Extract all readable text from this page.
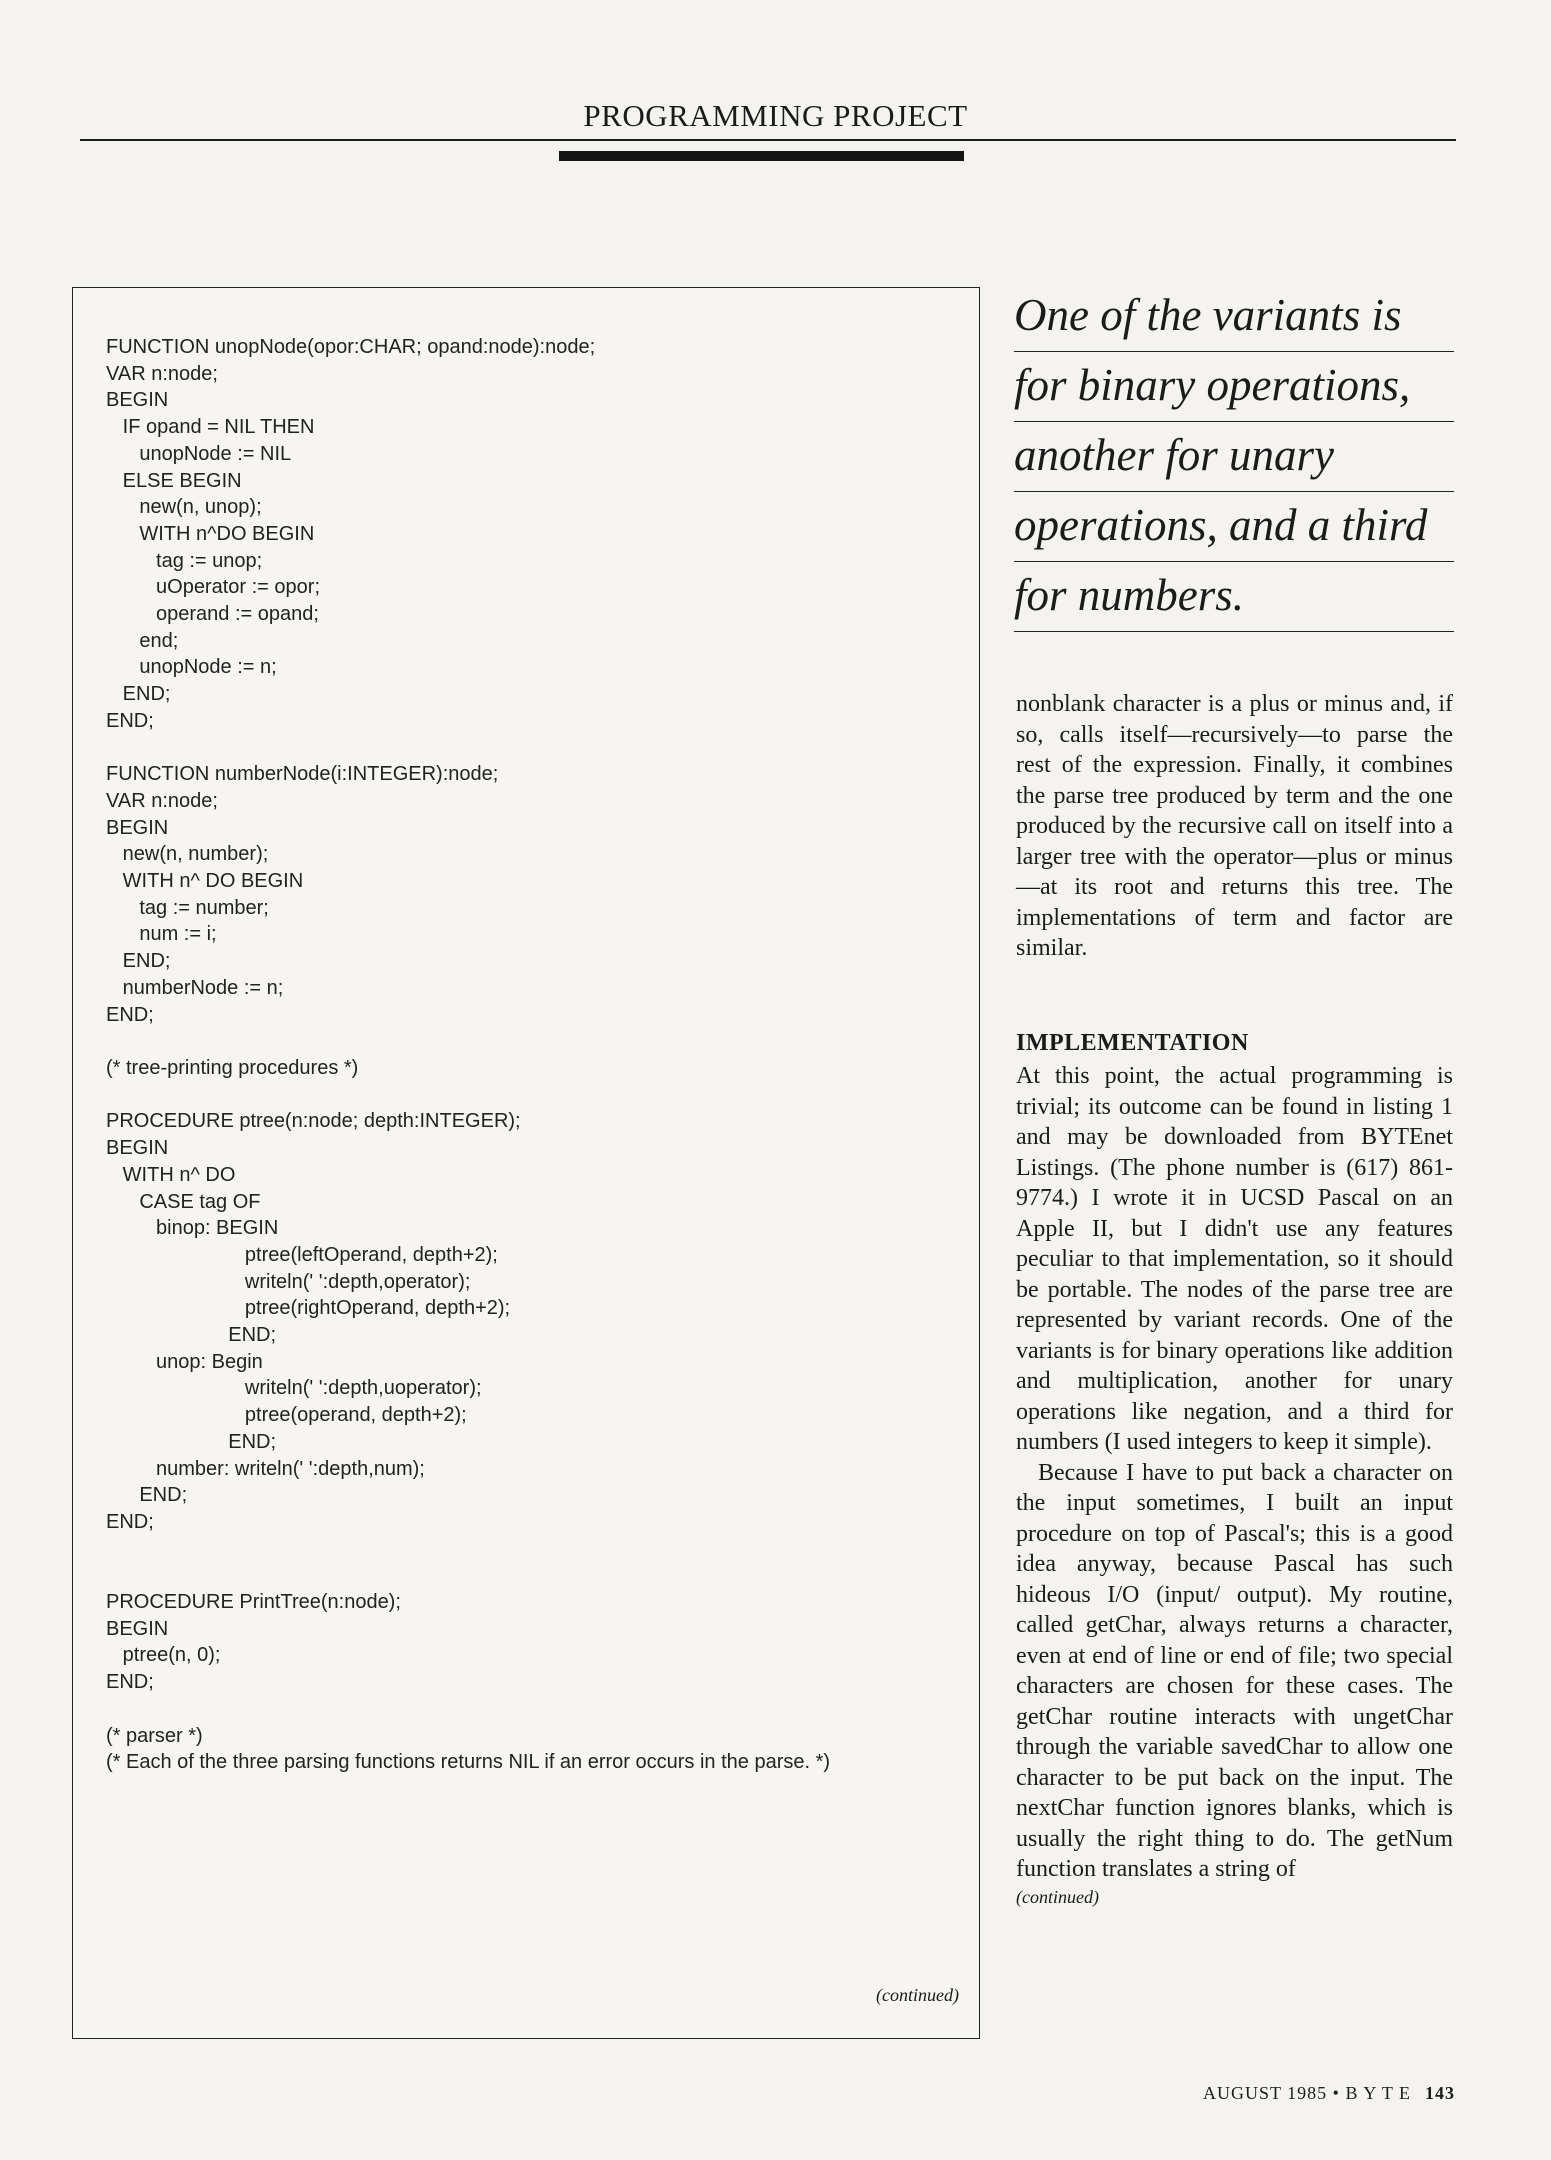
PROGRAMMING PROJECT
FUNCTION unopNode(opor:CHAR; opand:node):node;
VAR n:node;
BEGIN
IF opand = NIL THEN
unopNode := NIL
ELSE BEGIN
new(n, unop);
WITH n^DO BEGIN
tag := unop;
uOperator := opor;
operand := opand;
end;
unopNode := n;
END;
END;

FUNCTION numberNode(i:INTEGER):node;
VAR n:node;
BEGIN
new(n, number);
WITH n^ DO BEGIN
tag := number;
num := i;
END;
numberNode := n;
END;

(* tree-printing procedures *)

PROCEDURE ptree(n:node; depth:INTEGER);
BEGIN
WITH n^ DO
CASE tag OF
binop: BEGIN
ptree(leftOperand, depth+2);
writeln(' ':depth,operator);
ptree(rightOperand, depth+2);
END;
unop: Begin
writeln(' ':depth,uoperator);
ptree(operand, depth+2);
END;
number: writeln(' ':depth,num);
END;
END;

PROCEDURE PrintTree(n:node);
BEGIN
ptree(n, 0);
END;

(* parser *)
(* Each of the three parsing functions returns NIL if an error occurs in the parse. *)
(continued)
One of the variants is
for binary operations,
another for unary
operations, and a third
for numbers.

nonblank character is a plus or minus and, if so, calls itself—recursively—to parse the rest of the expression. Finally, it combines the parse tree produced by term and the one produced by the recursive call on itself into a larger tree with the operator—plus or minus—at its root and returns this tree. The implementations of term and factor are similar.

IMPLEMENTATION

At this point, the actual programming is trivial; its outcome can be found in listing 1 and may be downloaded from BYTEnet Listings. (The phone number is (617) 861-9774.) I wrote it in UCSD Pascal on an Apple II, but I didn't use any features peculiar to that implementation, so it should be portable. The nodes of the parse tree are represented by variant records. One of the variants is for binary operations like addition and multiplication, another for unary operations like negation, and a third for numbers (I used integers to keep it simple).

Because I have to put back a character on the input sometimes, I built an input procedure on top of Pascal's; this is a good idea anyway, because Pascal has such hideous I/O (input/ output). My routine, called getChar, always returns a character, even at end of line or end of file; two special characters are chosen for these cases. The getChar routine interacts with ungetChar through the variable savedChar to allow one character to be put back on the input. The nextChar function ignores blanks, which is usually the right thing to do. The getNum function translates a string of

(continued)
AUGUST 1985 • B Y T E 143
